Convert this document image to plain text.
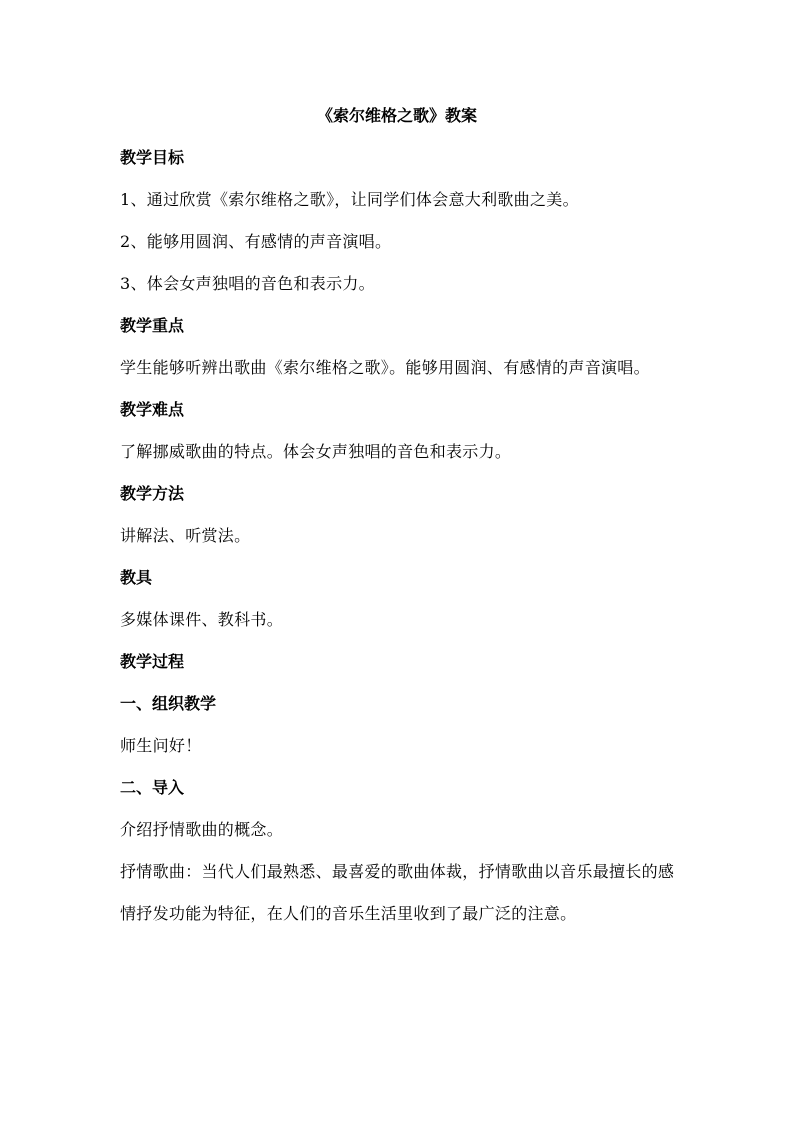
《索尔维格之歌》教案
教学目标

1、通过欣赏《索尔维格之歌》，让同学们体会意大利歌曲之美。

2、能够用圆润、有感情的声音演唱。

3、体会女声独唱的音色和表示力。

教学重点

学生能够听辨出歌曲《索尔维格之歌》。能够用圆润、有感情的声音演唱。

教学难点

了解挪威歌曲的特点。体会女声独唱的音色和表示力。

教学方法

讲解法、听赏法。

教具

多媒体课件、教科书。

教学过程
一、组织教学

师生问好！

二、导入

介绍抒情歌曲的概念。

抒情歌曲：当代人们最熟悉、最喜爱的歌曲体裁，抒情歌曲以音乐最擅长的感情抒发功能为特征，在人们的音乐生活里收到了最广泛的注意。
